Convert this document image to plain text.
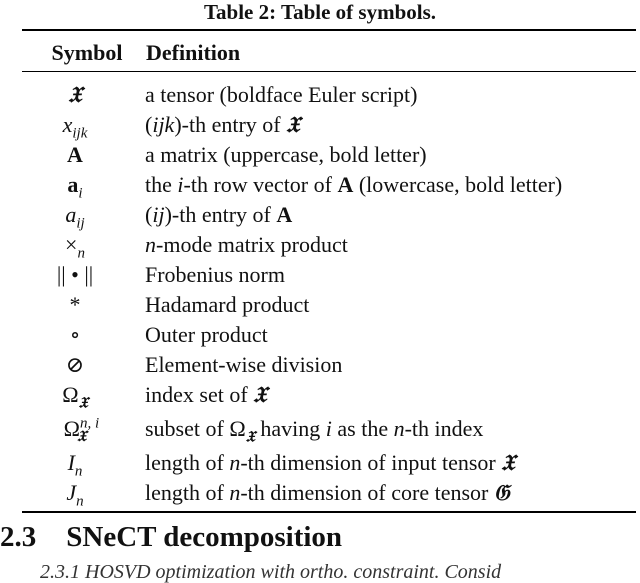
Table 2: Table of symbols.
Symbol	Definition
𝔛	a tensor (boldface Euler script)
$x_{ijk}$	(ijk)-th entry of 𝔛
A	a matrix (uppercase, bold letter)
$a_i$	the i-th row vector of A (lowercase, bold letter)
$a_{ij}$	(ij)-th entry of A
$\times_n$	n-mode matrix product
|| • ||	Frobenius norm
*	Hadamard product
∘	Outer product
⊘	Element-wise division
$\Omega_𝔛$	index set of 𝔛
Ω$^{n, i}_𝔛$	subset of $\Omega_𝔛$ having i as the n-th index
$I_n$	length of n-th dimension of input tensor 𝔛
$J_n$	length of n-th dimension of core tensor 𝔊
2.3 SNeCT decomposition
2.3.1 HOSVD optimization with ortho. constraint. Consid
